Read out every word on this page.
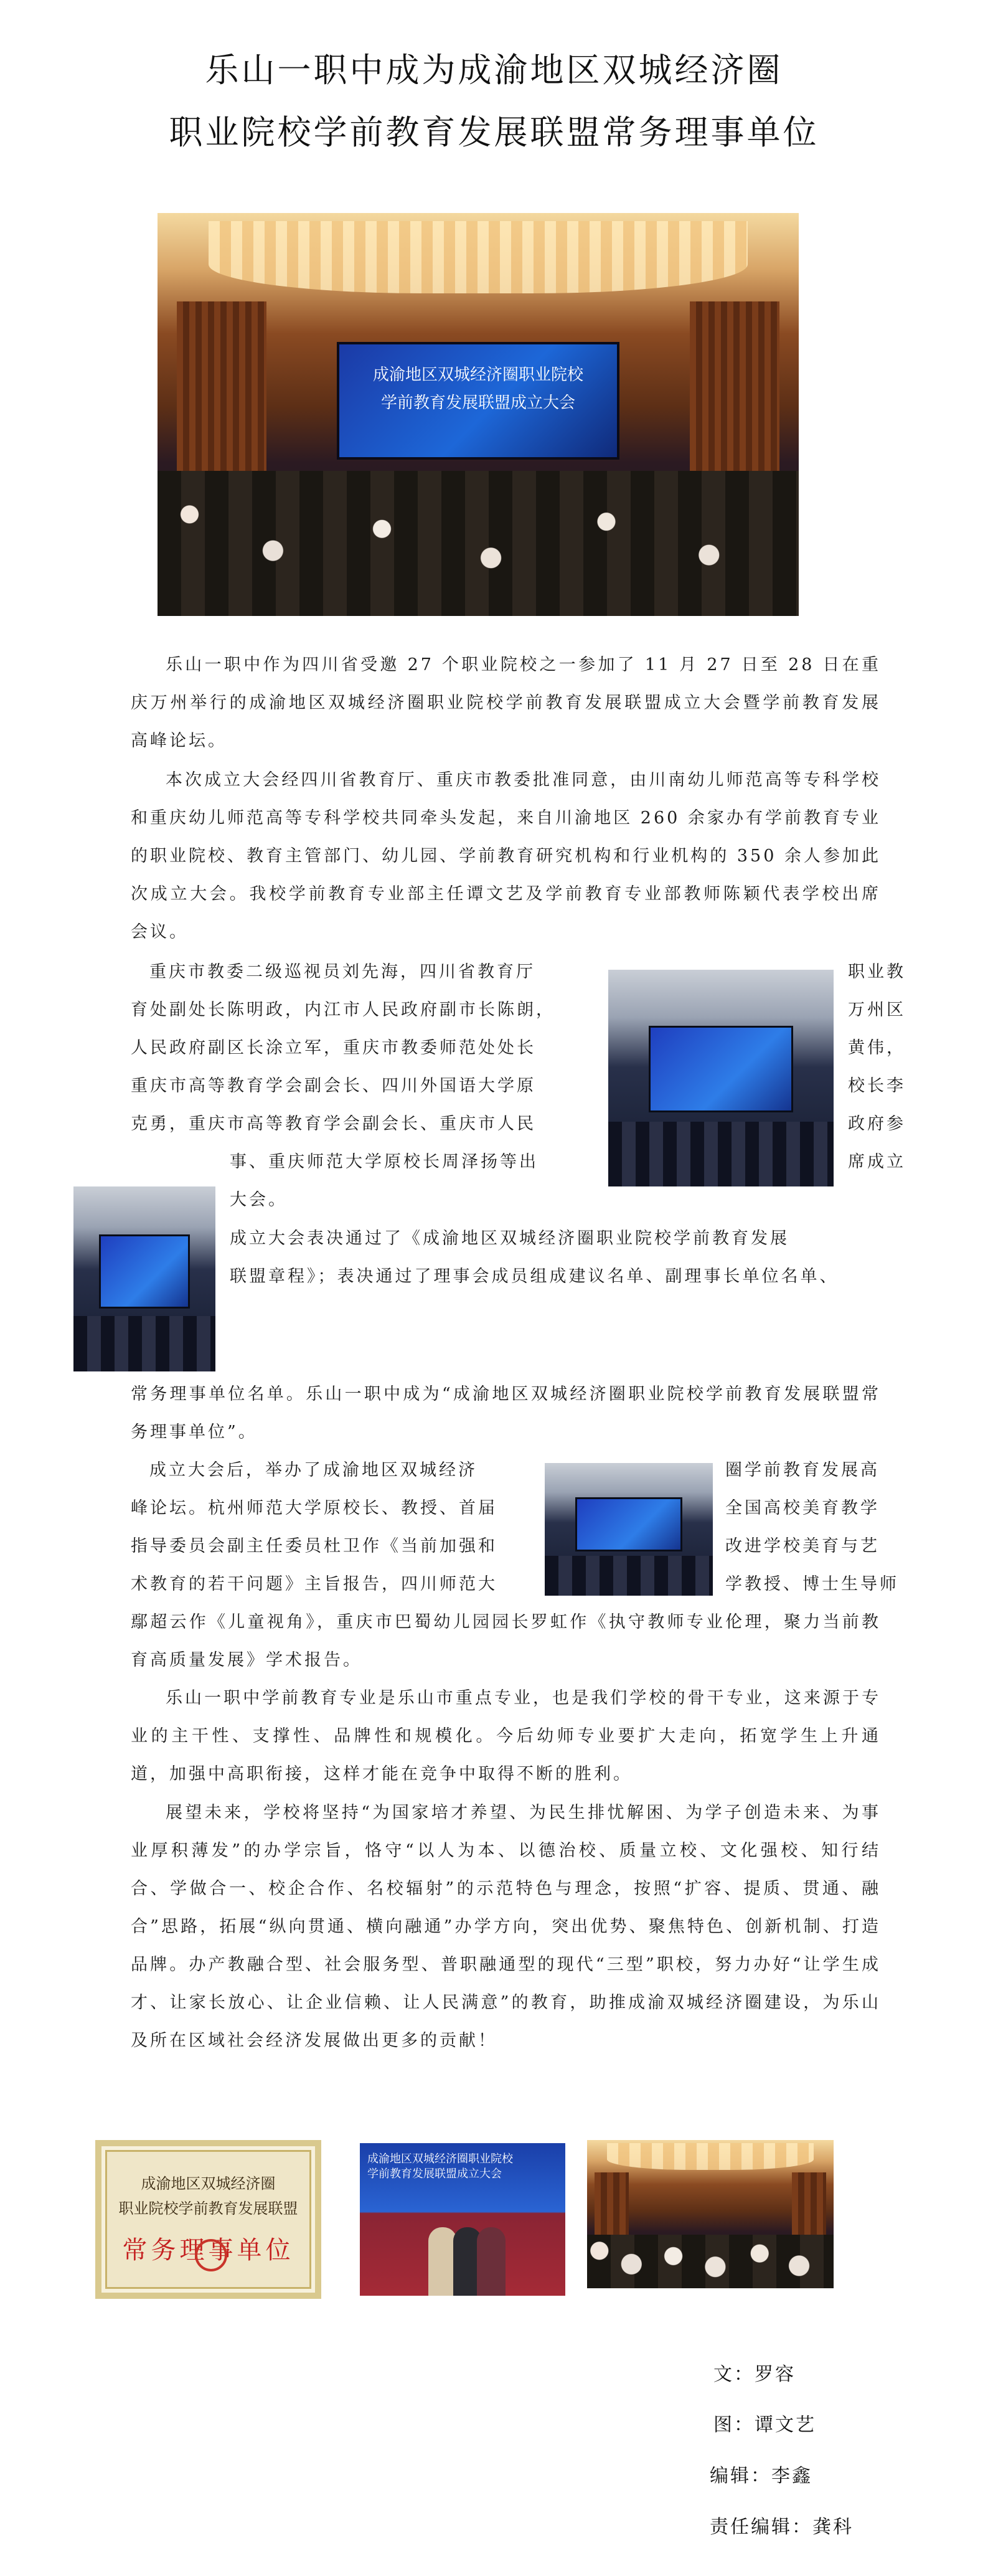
乐山一职中成为成渝地区双城经济圈
职业院校学前教育发展联盟常务理事单位
成渝地区双城经济圈职业院校
学前教育发展联盟成立大会

乐山一职中作为四川省受邀 27 个职业院校之一参加了 11 月 27 日至 28 日在重庆万州举行的成渝地区双城经济圈职业院校学前教育发展联盟成立大会暨学前教育发展高峰论坛。

本次成立大会经四川省教育厅、重庆市教委批准同意，由川南幼儿师范高等专科学校和重庆幼儿师范高等专科学校共同牵头发起，来自川渝地区 260 余家办有学前教育专业的职业院校、教育主管部门、幼儿园、学前教育研究机构和行业机构的 350 余人参加此次成立大会。我校学前教育专业部主任谭文艺及学前教育专业部教师陈颖代表学校出席会议。

重庆市教委二级巡视员刘先海，四川省教育厅
育处副处长陈明政，内江市人民政府副市长陈朗，
人民政府副区长涂立军，重庆市教委师范处处长
重庆市高等教育学会副会长、四川外国语大学原
克勇，重庆市高等教育学会副会长、重庆市人民
职业教
万州区
黄伟，
校长李
政府参
事、重庆师范大学原校长周泽扬等出	席成立
大会。
成立大会表决通过了《成渝地区双城经济圈职业院校学前教育发展
联盟章程》；表决通过了理事会成员组成建议名单、副理事长单位名单、

常务理事单位名单。乐山一职中成为“成渝地区双城经济圈职业院校学前教育发展联盟常务理事单位”。

成立大会后，举办了成渝地区双城经济
峰论坛。杭州师范大学原校长、教授、首届
指导委员会副主任委员杜卫作《当前加强和
术教育的若干问题》主旨报告，四川师范大
圈学前教育发展高
全国高校美育教学
改进学校美育与艺
学教授、博士生导师

鄢超云作《儿童视角》，重庆市巴蜀幼儿园园长罗虹作《执守教师专业伦理，聚力当前教育高质量发展》学术报告。

乐山一职中学前教育专业是乐山市重点专业，也是我们学校的骨干专业，这来源于专业的主干性、支撑性、品牌性和规模化。今后幼师专业要扩大走向，拓宽学生上升通道，加强中高职衔接，这样才能在竞争中取得不断的胜利。

展望未来，学校将坚持“为国家培才养望、为民生排忧解困、为学子创造未来、为事业厚积薄发”的办学宗旨，恪守“以人为本、以德治校、质量立校、文化强校、知行结合、学做合一、校企合作、名校辐射”的示范特色与理念，按照“扩容、提质、贯通、融合”思路，拓展“纵向贯通、横向融通”办学方向，突出优势、聚焦特色、创新机制、打造品牌。办产教融合型、社会服务型、普职融通型的现代“三型”职校，努力办好“让学生成才、让家长放心、让企业信赖、让人民满意”的教育，助推成渝双城经济圈建设，为乐山及所在区域社会经济发展做出更多的贡献！

成渝地区双城经济圈
职业院校学前教育发展联盟
常务理事单位
成渝地区双城经济圈职业院校
学前教育发展联盟成立大会
文：罗容
图：谭文艺
编辑：李鑫
责任编辑：龚科
